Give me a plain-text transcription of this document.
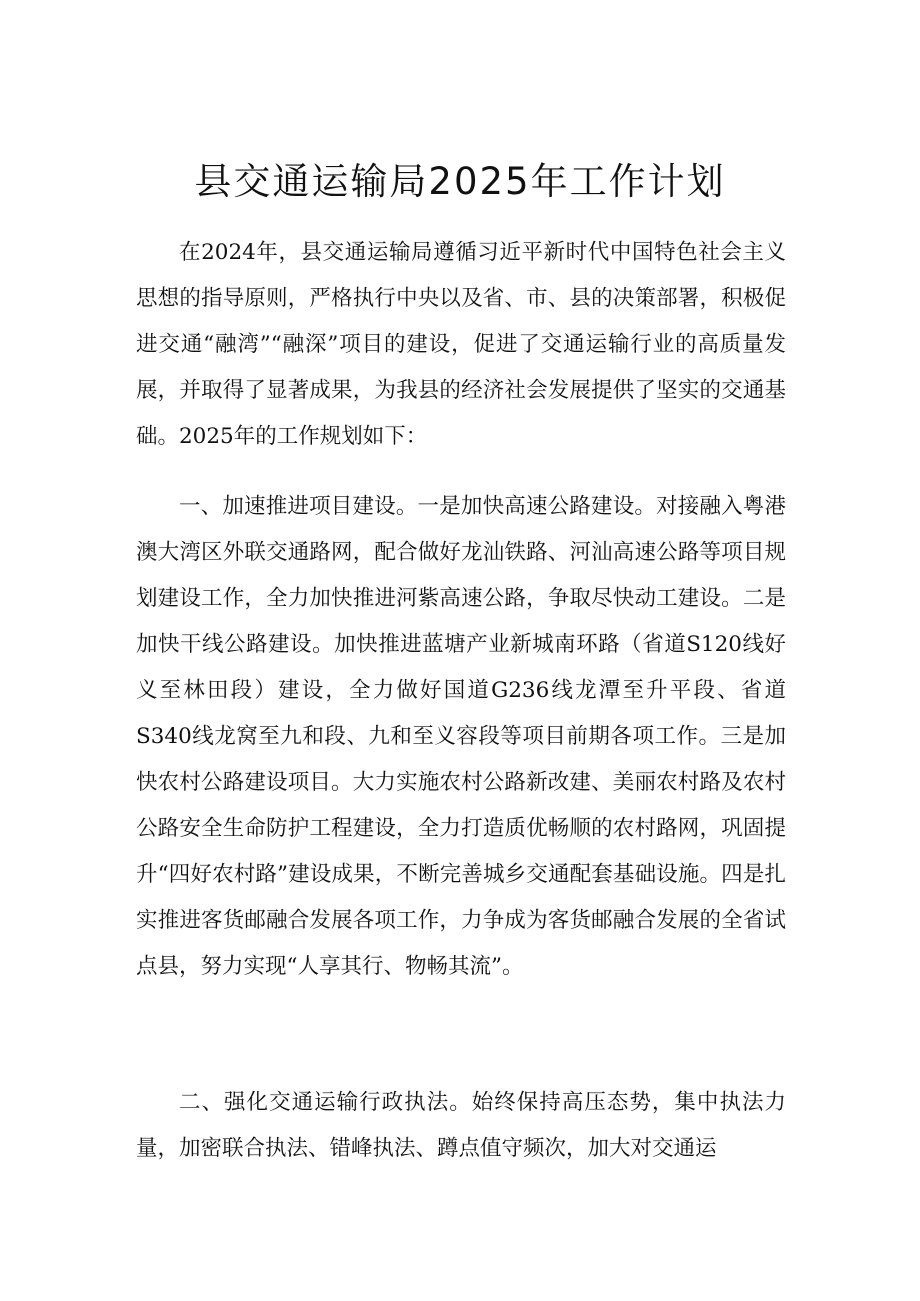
县交通运输局2025年工作计划

在2024年，县交通运输局遵循习近平新时代中国特色社会主义思想的指导原则，严格执行中央以及省、市、县的决策部署，积极促进交通“融湾”“融深”项目的建设，促进了交通运输行业的高质量发展，并取得了显著成果，为我县的经济社会发展提供了坚实的交通基础。2025年的工作规划如下：

一、加速推进项目建设。一是加快高速公路建设。对接融入粤港澳大湾区外联交通路网，配合做好龙汕铁路、河汕高速公路等项目规划建设工作，全力加快推进河紫高速公路，争取尽快动工建设。二是加快干线公路建设。加快推进蓝塘产业新城南环路（省道S120线好义至林田段）建设，全力做好国道G236线龙潭至升平段、省道S340线龙窝至九和段、九和至义容段等项目前期各项工作。三是加快农村公路建设项目。大力实施农村公路新改建、美丽农村路及农村公路安全生命防护工程建设，全力打造质优畅顺的农村路网，巩固提升“四好农村路”建设成果，不断完善城乡交通配套基础设施。四是扎实推进客货邮融合发展各项工作，力争成为客货邮融合发展的全省试点县，努力实现“人享其行、物畅其流”。

二、强化交通运输行政执法。始终保持高压态势，集中执法力量，加密联合执法、错峰执法、蹲点值守频次，加大对交通运
